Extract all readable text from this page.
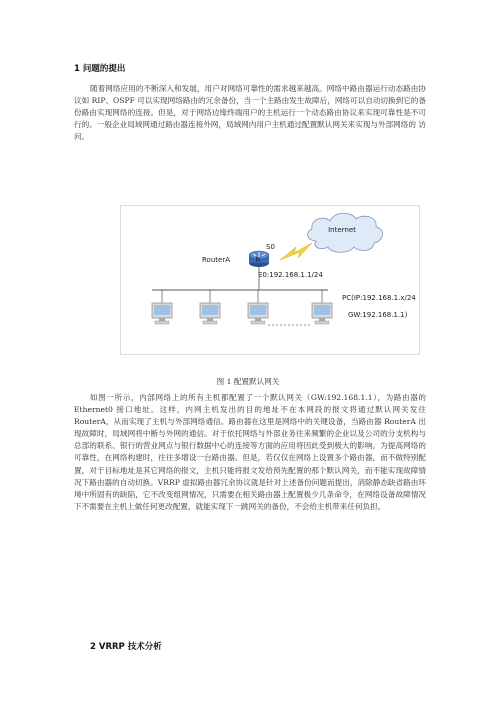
1 问题的提出

随着网络应用的不断深入和发展，用户对网络可靠性的需求越来越高。网络中路由器运行动态路由协议如 RIP、OSPF 可以实现网络路由的冗余备份，当一个主路由发生故障后，网络可以自动切换到它的备份路由实现网络的连接。但是，对于网络边缘终端用户的主机运行一个动态路由协议来实现可靠性是不可行的。一般企业局域网通过路由器连接外网，局域网内用户主机通过配置默认网关来实现与外部网络的 访问。

Internet
S0
R
RouterA
E0:192.168.1.1/24
PC(IP:192.168.1.x/24
GW:192.168.1.1)
图 1 配置默认网关

如图一所示，内部网络上的所有主机都配置了一个默认网关（GW:192.168.1.1），为路由器的 Ethernet0 接口地址。这样，内网主机发出的目的地址不在本网段的报文将通过默认网关发往 RouterA，从而实现了主机与外部网络通信。路由器在这里是网络中的关键设备，当路由器 RouterA 出现故障时，局域网将中断与外网的通信。对于依托网络与外部业务往来频繁的企业以及公司的分支机构与总部的联系、银行的营业网点与银行数据中心的连接等方面的应用将因此受到极大的影响。为提高网络的可靠性，在网络构建时，往往多增设一台路由器。但是，若仅仅在网络上设置多个路由器，而不做特别配置，对于目标地址是其它网络的报文，主机只能将报文发给预先配置的那个默认网关，而不能实现故障情况下路由器的自动切换。VRRP 虚拟路由器冗余协议就是针对上述备份问题而提出，消除静态缺省路由环境中所固有的缺陷，它不改变组网情况，只需要在相关路由器上配置极少几条命令，在网络设备故障情况下不需要在主机上做任何更改配置，就能实现下一跳网关的备份，不会给主机带来任何负担。

2 VRRP 技术分析
